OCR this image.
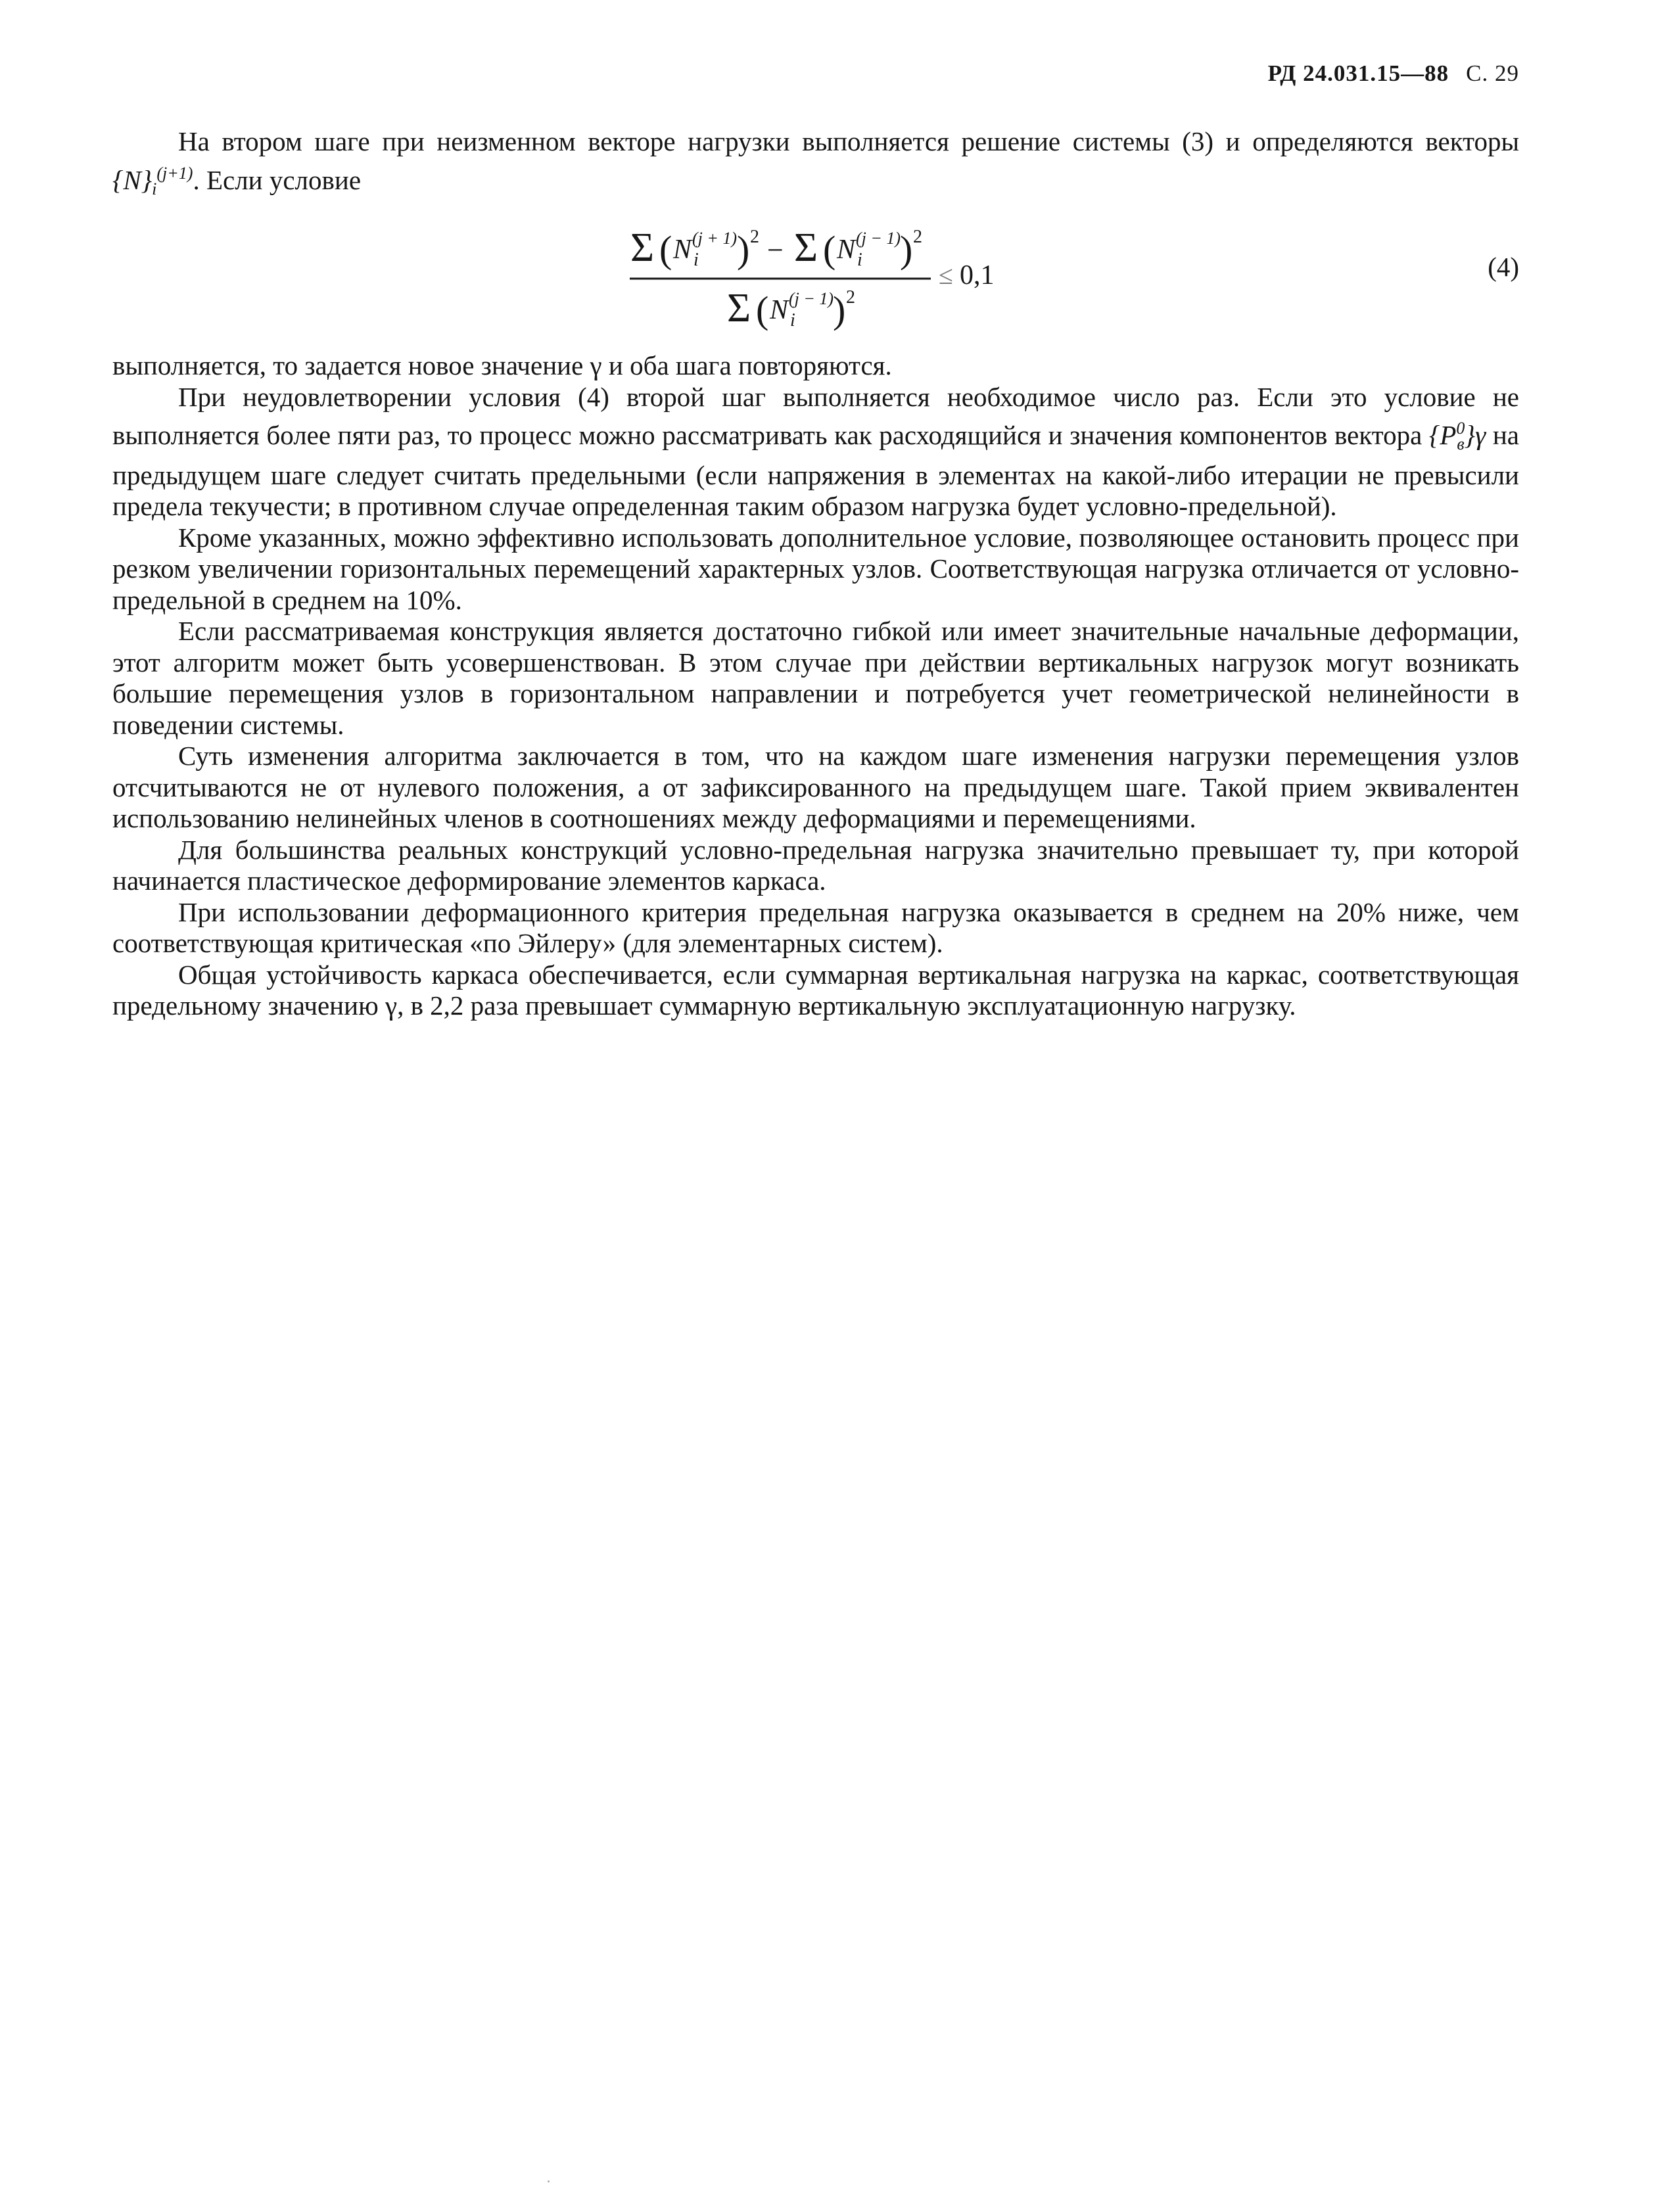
РД 24.031.15—88 С. 29

На втором шаге при неизменном векторе нагрузки выполняется решение системы (3) и определяются векторы $\{N\}_i^{(j+1)}$. Если условие

Σ ( N i
(j + 1) ) 2 − Σ ( N i
(j − 1)
) 2
Σ ( N i
(j − 1)
) 2
≤ 0,1	(4)

выполняется, то задается новое значение γ и оба шага повторяются.

При неудовлетворении условия (4) второй шаг выполняется необходимое число раз. Если это условие не выполняется более пяти раз, то процесс можно рассматривать как расходящийся и значения компонентов вектора $\{P^0_в\}\gamma$ на предыдущем шаге следует считать предельными (если напряжения в элементах на какой-либо итерации не превысили предела текучести; в противном случае определенная таким образом нагрузка будет условно-предельной).

Кроме указанных, можно эффективно использовать дополнительное условие, позволяющее остановить процесс при резком увеличении горизонтальных перемещений характерных узлов. Соответствующая нагрузка отличается от условно-предельной в среднем на 10%.

Если рассматриваемая конструкция является достаточно гибкой или имеет значительные начальные деформации, этот алгоритм может быть усовершенствован. В этом случае при действии вертикальных нагрузок могут возникать большие перемещения узлов в горизонтальном направлении и потребуется учет геометрической нелинейности в поведении системы.

Суть изменения алгоритма заключается в том, что на каждом шаге изменения нагрузки перемещения узлов отсчитываются не от нулевого положения, а от зафиксированного на предыдущем шаге. Такой прием эквивалентен использованию нелинейных членов в соотношениях между деформациями и перемещениями.

Для большинства реальных конструкций условно-предельная нагрузка значительно превышает ту, при которой начинается пластическое деформирование элементов каркаса.

При использовании деформационного критерия предельная нагрузка оказывается в среднем на 20% ниже, чем соответствующая критическая «по Эйлеру» (для элементарных систем).

Общая устойчивость каркаса обеспечивается, если суммарная вертикальная нагрузка на каркас, соответствующая предельному значению γ, в 2,2 раза превышает суммарную вертикальную эксплуатационную нагрузку.
